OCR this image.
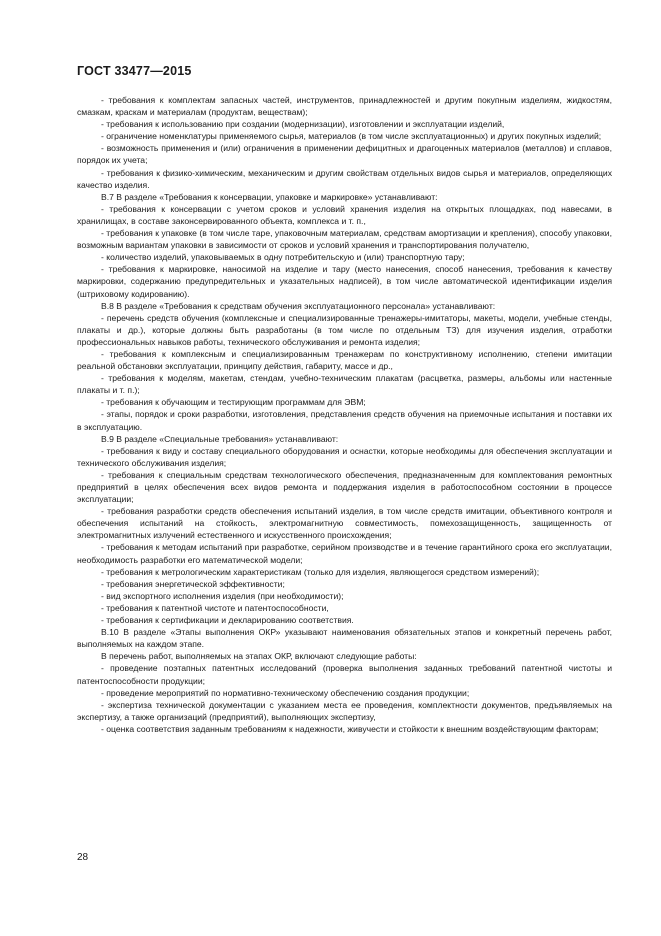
ГОСТ 33477—2015

- требования к комплектам запасных частей, инструментов, принадлежностей и другим покупным изделиям, жидкостям, смазкам, краскам и материалам (продуктам, веществам);

- требования к использованию при создании (модернизации), изготовлении и эксплуатации изделий,

- ограничение номенклатуры применяемого сырья, материалов (в том числе эксплуатационных) и других покупных изделий;

- возможность применения и (или) ограничения в применении дефицитных и драгоценных материалов (металлов) и сплавов, порядок их учета;

- требования к физико-химическим, механическим и другим свойствам отдельных видов сырья и материалов, определяющих качество изделия.

В.7 В разделе «Требования к консервации, упаковке и маркировке» устанавливают:

- требования к консервации с учетом сроков и условий хранения изделия на открытых площадках, под навесами, в хранилищах, в составе законсервированного объекта, комплекса и т. п.,

- требования к упаковке (в том числе таре, упаковочным материалам, средствам амортизации и крепления), способу упаковки, возможным вариантам упаковки в зависимости от сроков и условий хранения и транспортирования получателю,

- количество изделий, упаковываемых в одну потребительскую и (или) транспортную тару;

- требования к маркировке, наносимой на изделие и тару (место нанесения, способ нанесения, требования к качеству маркировки, содержанию предупредительных и указательных надписей), в том числе автоматической идентификации изделия (штриховому кодированию).

В.8 В разделе «Требования к средствам обучения эксплуатационного персонала» устанавливают:

- перечень средств обучения (комплексные и специализированные тренажеры-имитаторы, макеты, модели, учебные стенды, плакаты и др.), которые должны быть разработаны (в том числе по отдельным ТЗ) для изучения изделия, отработки профессиональных навыков работы, технического обслуживания и ремонта изделия;

- требования к комплексным и специализированным тренажерам по конструктивному исполнению, степени имитации реальной обстановки эксплуатации, принципу действия, габариту, массе и др.,

- требования к моделям, макетам, стендам, учебно-техническим плакатам (расцветка, размеры, альбомы или настенные плакаты и т. п.);

- требования к обучающим и тестирующим программам для ЭВМ;

- этапы, порядок и сроки разработки, изготовления, представления средств обучения на приемочные испытания и поставки их в эксплуатацию.

В.9 В разделе «Специальные требования» устанавливают:

- требования к виду и составу специального оборудования и оснастки, которые необходимы для обеспечения эксплуатации и технического обслуживания изделия;

- требования к специальным средствам технологического обеспечения, предназначенным для комплектования ремонтных предприятий в целях обеспечения всех видов ремонта и поддержания изделия в работоспособном состоянии в процессе эксплуатации;

- требования разработки средств обеспечения испытаний изделия, в том числе средств имитации, объективного контроля и обеспечения испытаний на стойкость, электромагнитную совместимость, помехозащищенность, защищенность от электромагнитных излучений естественного и искусственного происхождения;

- требования к методам испытаний при разработке, серийном производстве и в течение гарантийного срока его эксплуатации, необходимость разработки его математической модели;

- требования к метрологическим характеристикам (только для изделия, являющегося средством измерений);

- требования энергетической эффективности;

- вид экспортного исполнения изделия (при необходимости);

- требования к патентной чистоте и патентоспособности,

- требования к сертификации и декларированию соответствия.

В.10 В разделе «Этапы выполнения ОКР» указывают наименования обязательных этапов и конкретный перечень работ, выполняемых на каждом этапе.

В перечень работ, выполняемых на этапах ОКР, включают следующие работы:

- проведение поэтапных патентных исследований (проверка выполнения заданных требований патентной чистоты и патентоспособности продукции;

- проведение мероприятий по нормативно-техническому обеспечению создания продукции;

- экспертиза технической документации с указанием места ее проведения, комплектности документов, предъявляемых на экспертизу, а также организаций (предприятий), выполняющих экспертизу,

- оценка соответствия заданным требованиям к надежности, живучести и стойкости к внешним воздействующим факторам;

28
